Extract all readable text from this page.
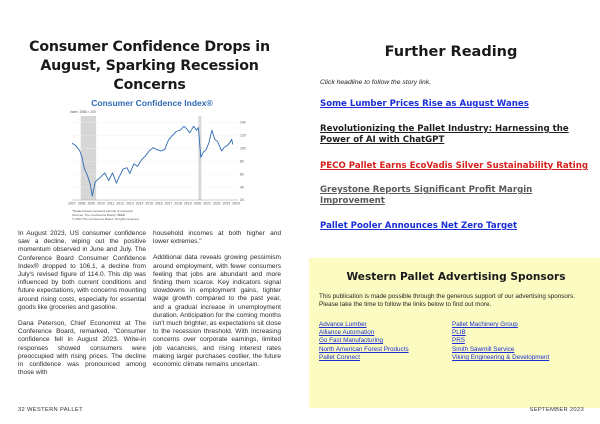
Consumer Confidence Drops in August, Sparking Recession Concerns
Consumer Confidence Index®
Index, 1985 = 100
20
40
60
80
100
120
140
2007 2008 2009 2010 2011 2012 2013 2014 2015 2016 2017 2018 2019 2020 2021 2022 2023 2024
*Shaded areas represent periods of recession
Sources: The Conference Board; NBER
© 2023 The Conference Board. All rights reserved.

In August 2023, US consumer confidence saw a decline, wiping out the positive momentum observed in June and July. The Conference Board Consumer Confidence Index® dropped to 106.1, a decline from July's revised figure of 114.0. This dip was influenced by both current conditions and future expectations, with concerns mounting around rising costs, especially for essential goods like groceries and gasoline.

Dana Peterson, Chief Economist at The Conference Board, remarked, "Consumer confidence fell in August 2023. Write-in responses showed consumers were preoccupied with rising prices. The decline in confidence was pronounced among those with

household incomes at both higher and lower extremes."

Additional data reveals growing pessimism around employment, with fewer consumers feeling that jobs are abundant and more finding them scarce. Key indicators signal slowdowns in employment gains, tighter wage growth compared to the past year, and a gradual increase in unemployment duration. Anticipation for the coming months isn't much brighter, as expectations sit close to the recession threshold. With increasing concerns over corporate earnings, limited job vacancies, and rising interest rates making larger purchases costlier, the future economic climate remains uncertain.

32 WESTERN PALLET
Further Reading
Click headline to follow the story link.
Some Lumber Prices Rise as August Wanes
Revolutionizing the Pallet Industry: Harnessing the Power of AI with ChatGPT
PECO Pallet Earns EcoVadis Silver Sustainability Rating
Greystone Reports Significant Profit Margin Improvement
Pallet Pooler Announces Net Zero Target
Western Pallet Advertising Sponsors
This publication is made possible through the generous support of our advertising sponsors. Please take the time to follow the links below to find out more.
Advance Lumber
Alliance Automation
Go Fast Manufacturing
North American Forest Products
Pallet Connect
Pallet Machinery Group
PLIB
PRS
Smith Sawmill Service
Viking Engineering & Development
SEPTEMBER 2023
